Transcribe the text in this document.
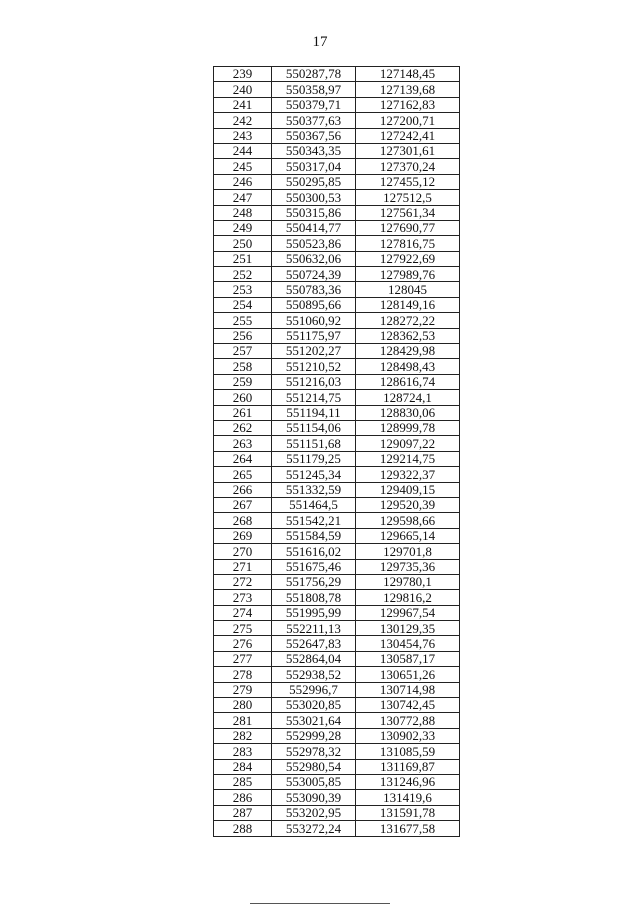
17
239	550287,78	127148,45
240	550358,97	127139,68
241	550379,71	127162,83
242	550377,63	127200,71
243	550367,56	127242,41
244	550343,35	127301,61
245	550317,04	127370,24
246	550295,85	127455,12
247	550300,53	127512,5
248	550315,86	127561,34
249	550414,77	127690,77
250	550523,86	127816,75
251	550632,06	127922,69
252	550724,39	127989,76
253	550783,36	128045
254	550895,66	128149,16
255	551060,92	128272,22
256	551175,97	128362,53
257	551202,27	128429,98
258	551210,52	128498,43
259	551216,03	128616,74
260	551214,75	128724,1
261	551194,11	128830,06
262	551154,06	128999,78
263	551151,68	129097,22
264	551179,25	129214,75
265	551245,34	129322,37
266	551332,59	129409,15
267	551464,5	129520,39
268	551542,21	129598,66
269	551584,59	129665,14
270	551616,02	129701,8
271	551675,46	129735,36
272	551756,29	129780,1
273	551808,78	129816,2
274	551995,99	129967,54
275	552211,13	130129,35
276	552647,83	130454,76
277	552864,04	130587,17
278	552938,52	130651,26
279	552996,7	130714,98
280	553020,85	130742,45
281	553021,64	130772,88
282	552999,28	130902,33
283	552978,32	131085,59
284	552980,54	131169,87
285	553005,85	131246,96
286	553090,39	131419,6
287	553202,95	131591,78
288	553272,24	131677,58
